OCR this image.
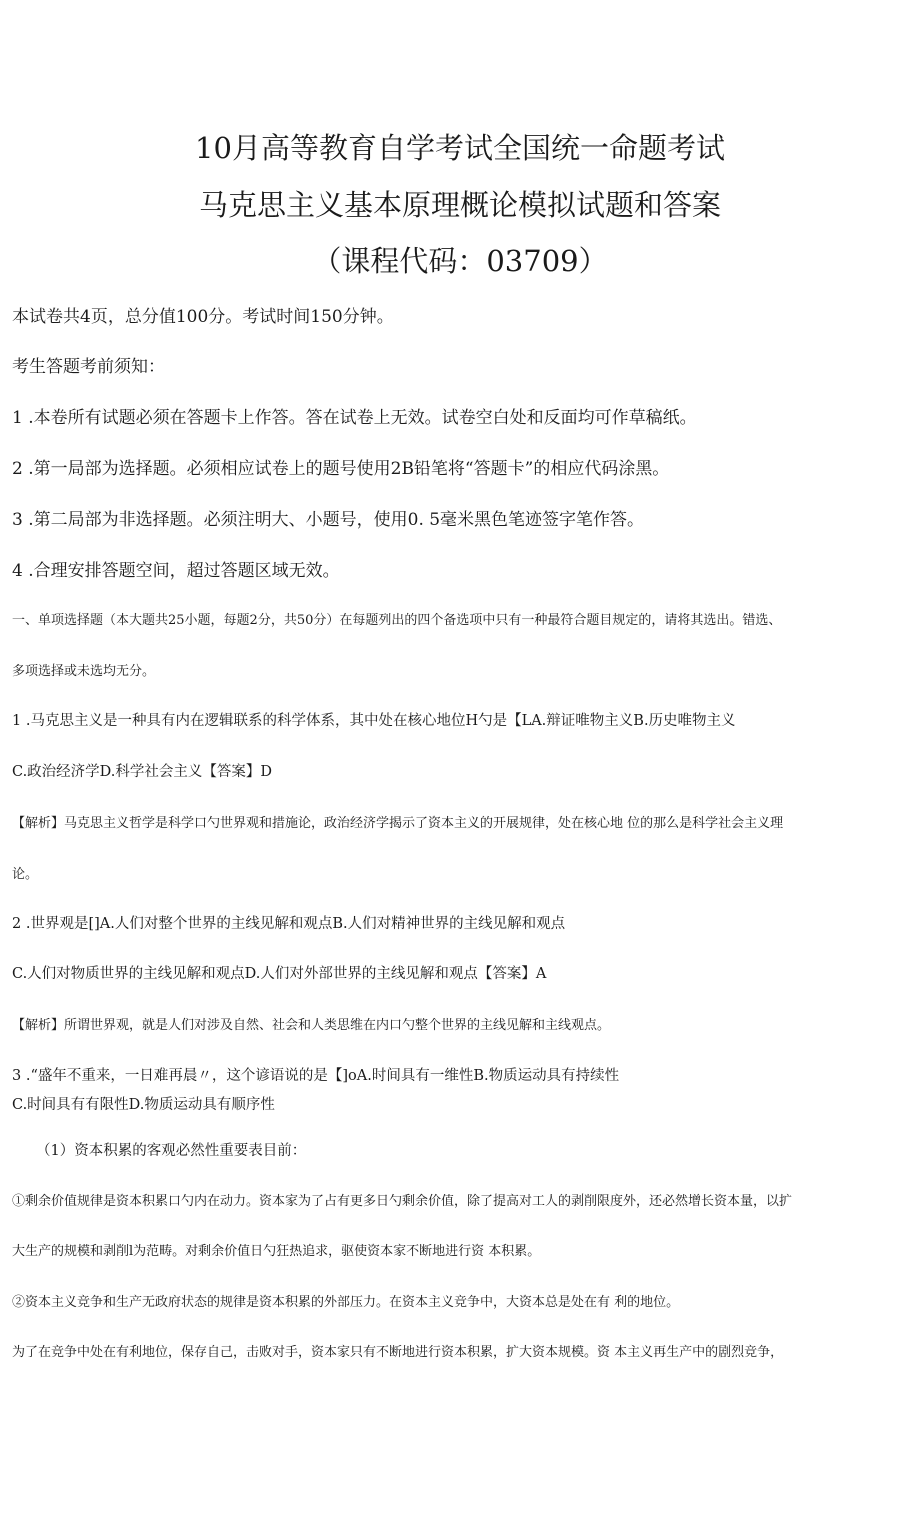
10月高等教育自学考试全国统一命题考试
马克思主义基本原理概论模拟试题和答案
（课程代码：03709）
本试卷共4页，总分值100分。考试时间150分钟。
考生答题考前须知：
1 .本卷所有试题必须在答题卡上作答。答在试卷上无效。试卷空白处和反面均可作草稿纸。
2 .第一局部为选择题。必须相应试卷上的题号使用2B铅笔将“答题卡”的相应代码涂黑。
3 .第二局部为非选择题。必须注明大、小题号，使用0. 5毫米黑色笔迹签字笔作答。
4 .合理安排答题空间，超过答题区域无效。
一、单项选择题（本大题共25小题，每题2分，共50分）在每题列出的四个备选项中只有一种最符合题目规定的，请将其选出。错选、
多项选择或未选均无分。
1 .马克思主义是一种具有内在逻辑联系的科学体系，其中处在核心地位H勺是【LA.辩证唯物主义B.历史唯物主义
C.政治经济学D.科学社会主义【答案】D
【解析】马克思主义哲学是科学口勺世界观和措施论，政治经济学揭示了资本主义的开展规律，处在核心地 位的那么是科学社会主义理
论。
2 .世界观是[]A.人们对整个世界的主线见解和观点B.人们对精神世界的主线见解和观点
C.人们对物质世界的主线见解和观点D.人们对外部世界的主线见解和观点【答案】A
【解析】所谓世界观，就是人们对涉及自然、社会和人类思维在内口勺整个世界的主线见解和主线观点。
3 .“盛年不重来，一日难再晨〃，这个谚语说的是【]oA.时间具有一维性B.物质运动具有持续性
C.时间具有有限性D.物质运动具有顺序性
（1）资本积累的客观必然性重要表目前：
①剩余价值规律是资本积累口勺内在动力。资本家为了占有更多日勺剩余价值，除了提高对工人的剥削限度外，还必然增长资本量，以扩
大生产的规模和剥削l为范畴。对剩余价值日勺狂热追求，驱使资本家不断地进行资 本积累。
②资本主义竞争和生产无政府状态的规律是资本积累的外部压力。在资本主义竞争中，大资本总是处在有 利的地位。
为了在竞争中处在有利地位，保存自己，击败对手，资本家只有不断地进行资本积累，扩大资本规模。资 本主义再生产中的剧烈竞争，
